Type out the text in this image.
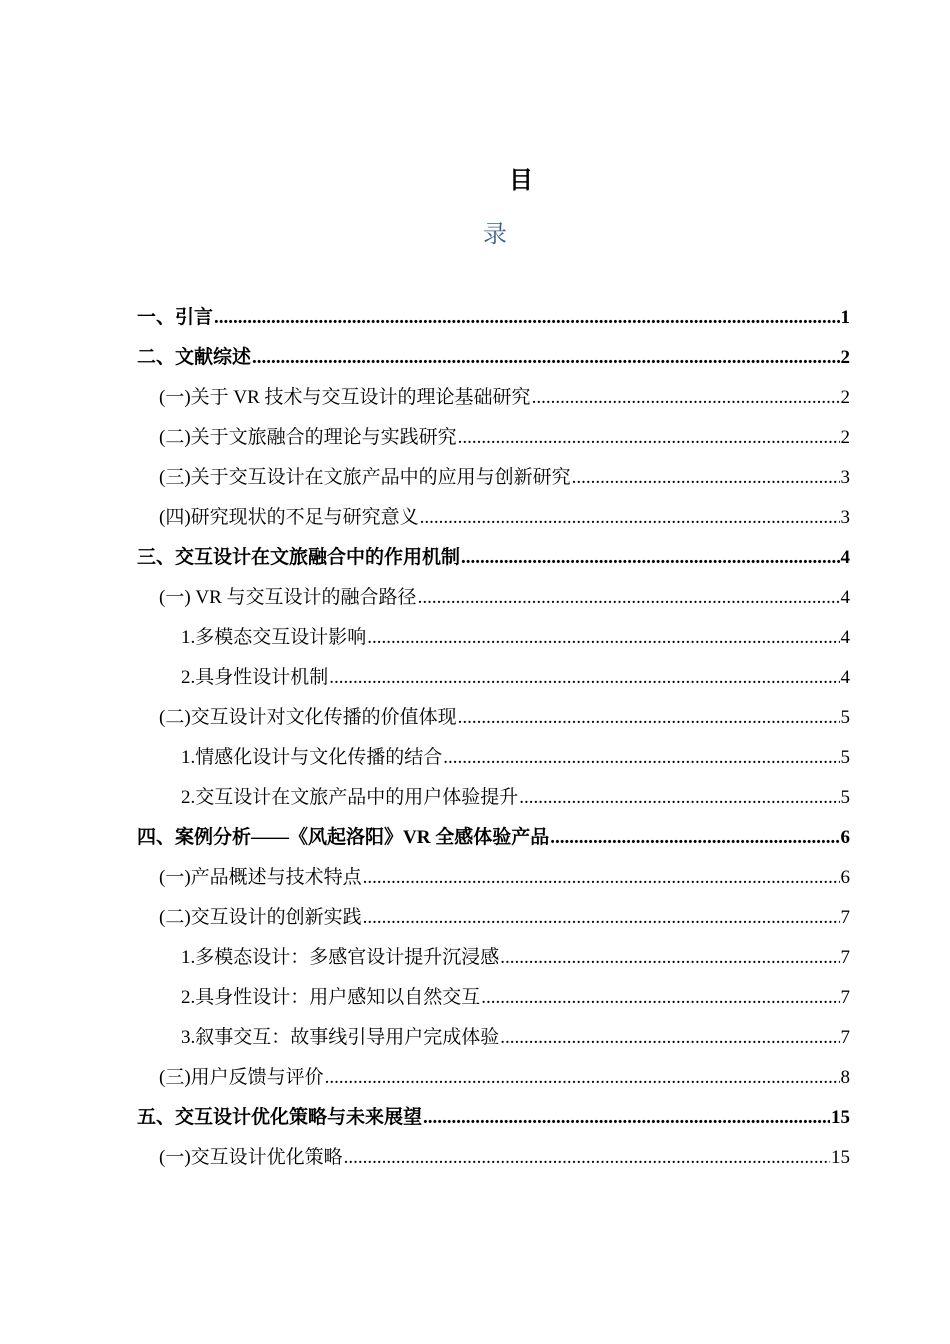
目
录
一、引言 .....	1
二、文献综述 .....	2
(一)关于 VR 技术与交互设计的理论基础研究 .....	2
(二)关于文旅融合的理论与实践研究 .....	2
(三)关于交互设计在文旅产品中的应用与创新研究 .....	3
(四)研究现状的不足与研究意义 .....	3
三、交互设计在文旅融合中的作用机制 .....	4
(一) VR 与交互设计的融合路径 .....	4
1.多模态交互设计影响 .....	4
2.具身性设计机制 .....	4
(二)交互设计对文化传播的价值体现 .....	5
1.情感化设计与文化传播的结合 .....	5
2.交互设计在文旅产品中的用户体验提升 .....	5
四、案例分析——《风起洛阳》VR 全感体验产品 .....	6
(一)产品概述与技术特点 .....	6
(二)交互设计的创新实践 .....	7
1.多模态设计：多感官设计提升沉浸感 .....	7
2.具身性设计：用户感知以自然交互 .....	7
3.叙事交互：故事线引导用户完成体验 .....	7
(三)用户反馈与评价 .....	8
五、交互设计优化策略与未来展望 .....	15
(一)交互设计优化策略 .....	15
